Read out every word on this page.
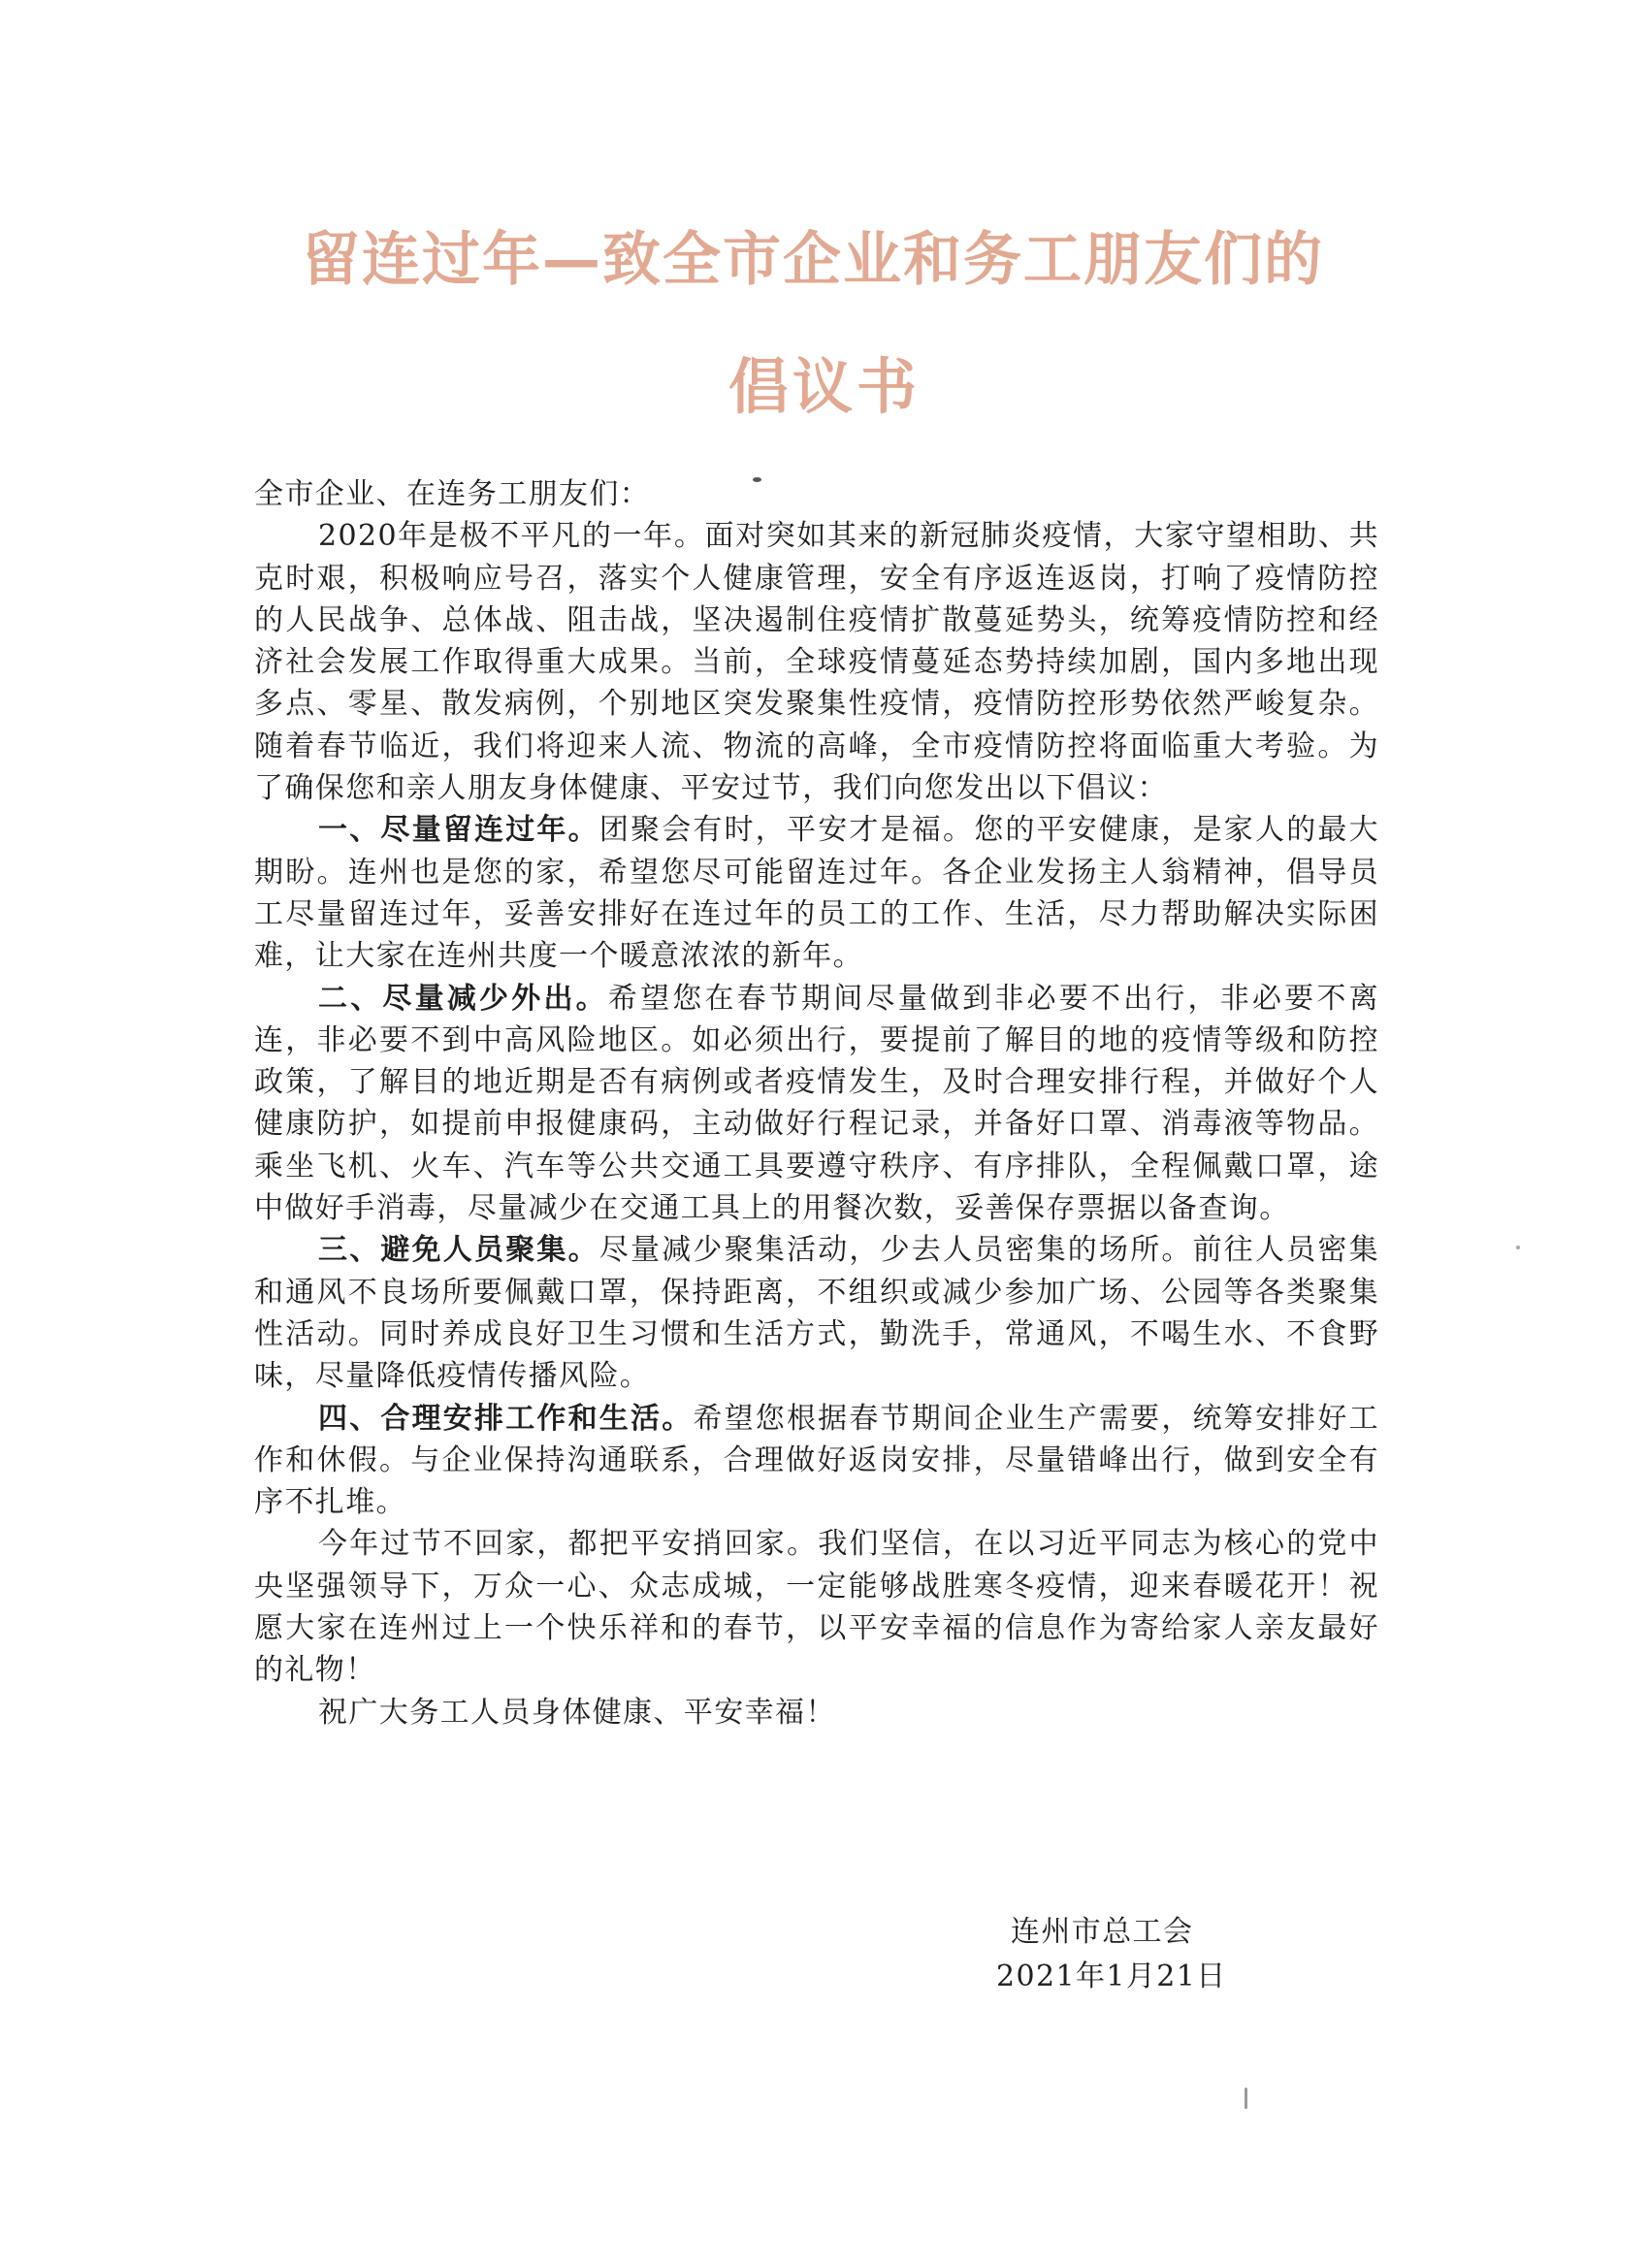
留连过年—致全市企业和务工朋友们的
倡议书

全市企业、在连务工朋友们：

2020年是极不平凡的一年。面对突如其来的新冠肺炎疫情，大家守望相助、共克时艰，积极响应号召，落实个人健康管理，安全有序返连返岗，打响了疫情防控的人民战争、总体战、阻击战，坚决遏制住疫情扩散蔓延势头，统筹疫情防控和经济社会发展工作取得重大成果。当前，全球疫情蔓延态势持续加剧，国内多地出现多点、零星、散发病例，个别地区突发聚集性疫情，疫情防控形势依然严峻复杂。随着春节临近，我们将迎来人流、物流的高峰，全市疫情防控将面临重大考验。为了确保您和亲人朋友身体健康、平安过节，我们向您发出以下倡议：

一、尽量留连过年。团聚会有时，平安才是福。您的平安健康，是家人的最大期盼。连州也是您的家，希望您尽可能留连过年。各企业发扬主人翁精神，倡导员工尽量留连过年，妥善安排好在连过年的员工的工作、生活，尽力帮助解决实际困难，让大家在连州共度一个暖意浓浓的新年。

二、尽量减少外出。希望您在春节期间尽量做到非必要不出行，非必要不离连，非必要不到中高风险地区。如必须出行，要提前了解目的地的疫情等级和防控政策，了解目的地近期是否有病例或者疫情发生，及时合理安排行程，并做好个人健康防护，如提前申报健康码，主动做好行程记录，并备好口罩、消毒液等物品。乘坐飞机、火车、汽车等公共交通工具要遵守秩序、有序排队，全程佩戴口罩，途中做好手消毒，尽量减少在交通工具上的用餐次数，妥善保存票据以备查询。

三、避免人员聚集。尽量减少聚集活动，少去人员密集的场所。前往人员密集和通风不良场所要佩戴口罩，保持距离，不组织或减少参加广场、公园等各类聚集性活动。同时养成良好卫生习惯和生活方式，勤洗手，常通风，不喝生水、不食野味，尽量降低疫情传播风险。

四、合理安排工作和生活。希望您根据春节期间企业生产需要，统筹安排好工作和休假。与企业保持沟通联系，合理做好返岗安排，尽量错峰出行，做到安全有序不扎堆。

今年过节不回家，都把平安捎回家。我们坚信，在以习近平同志为核心的党中央坚强领导下，万众一心、众志成城，一定能够战胜寒冬疫情，迎来春暖花开！祝愿大家在连州过上一个快乐祥和的春节，以平安幸福的信息作为寄给家人亲友最好的礼物！

祝广大务工人员身体健康、平安幸福！

连州市总工会
2021年1月21日
